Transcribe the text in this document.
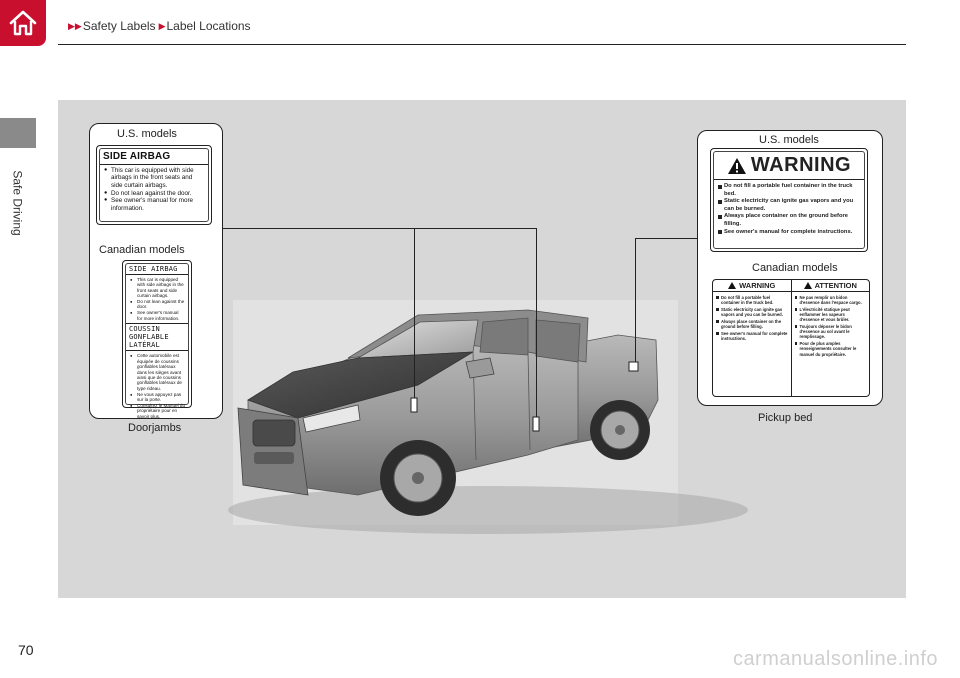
▶▶ Safety Labels ▶ Label Locations
Safe Driving
U.S. models
SIDE AIRBAG
● This car is equipped with side airbags in the front seats and side curtain airbags.
● Do not lean against the door.
● See owner's manual for more information.
Canadian models
SIDE AIRBAG
● This car is equipped with side airbags in the front seats and side curtain airbags.
● Do not lean against the door.
● See owner's manual for more information.
COUSSIN GONFLABLE LATÉRAL
● Cette automobile est équipée de coussins gonflables latéraux dans les sièges avant ainsi que de coussins gonflables latéraux de type rideau.
● Ne vous appuyez pas sur la porte.
● Consultez le Manuel du propriétaire pour en savoir plus.
Doorjambs
U.S. models
WARNING
Do not fill a portable fuel container in the truck bed.
Static electricity can ignite gas vapors and you can be burned.
Always place container on the ground before filling.
See owner's manual for complete instructions.
Canadian models
WARNING	ATTENTION
Do not fill a portable fuel container in the truck bed.
Static electricity can ignite gas vapors and you can be burned.
Always place container on the ground before filling.
See owner's manual for complete instructions.
Ne pas remplir un bidon d'essence dans l'espace cargo.
L'électricité statique peut enflammer les vapeurs d'essence et vous brûler.
Toujours déposer le bidon d'essence au sol avant le remplissage.
Pour de plus amples renseignements consulter le manuel du propriétaire.
Pickup bed
70	carmanualsonline.info
